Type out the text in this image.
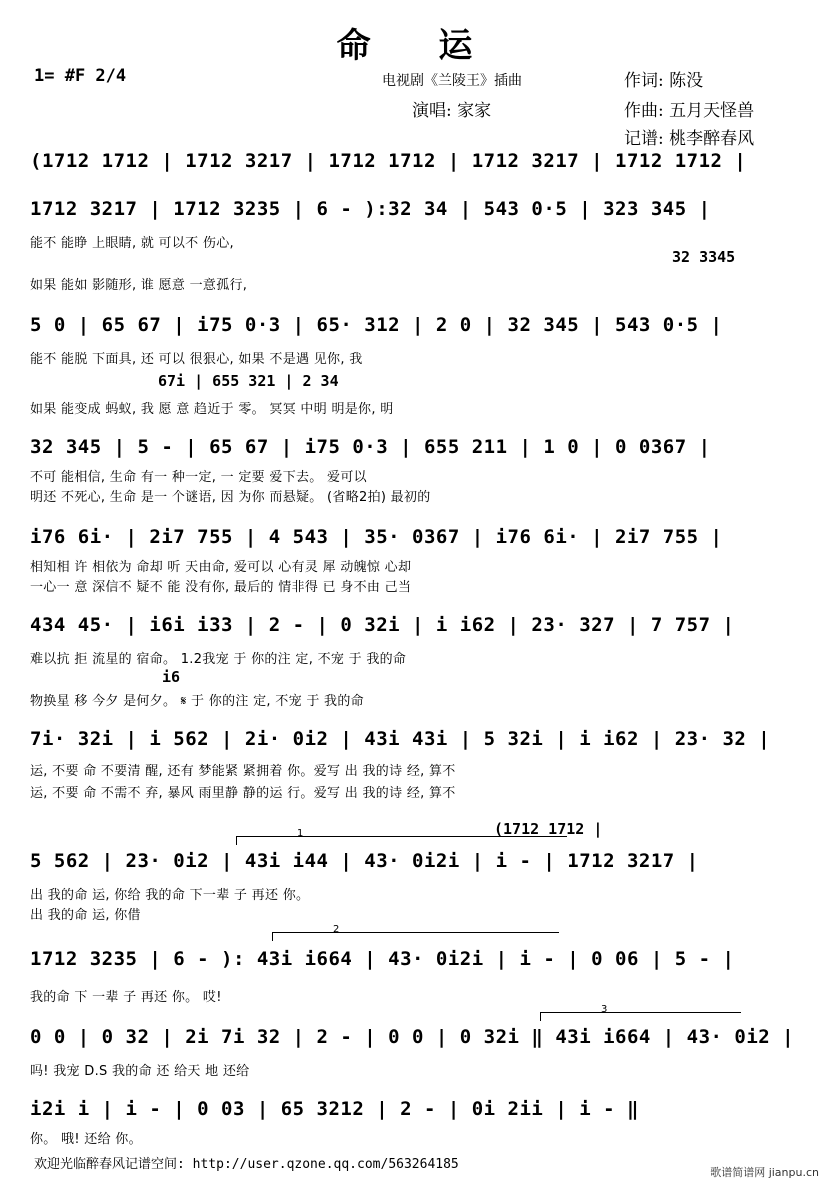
命 运
1= #F 2/4	电视剧《兰陵王》插曲
演唱: 家家
作词: 陈没
作曲: 五月天怪兽
记谱: 桃李醉春风
(1712 1712 | 1712 3217 | 1712 1712 | 1712 3217 | 1712 1712 |
1712 3217 | 1712 3235 | 6 - ):32 34 | 543 0·5 | 323 345 |
能不 能睁 上眼睛, 就 可以不 伤心,
32 3345
如果 能如 影随形, 谁 愿意 一意孤行,
5 0 | 65 67 | i75 0·3 | 65· 312 | 2 0 | 32 345 | 543 0·5 |
能不 能脱 下面具, 还 可以 很狠心, 如果 不是遇 见你, 我
67i | 655 321 | 2 34
如果 能变成 蚂蚁, 我 愿 意 趋近于 零。 冥冥 中明 明是你, 明
32 345 | 5 - | 65 67 | i75 0·3 | 655 211 | 1 0 | 0 0367 |
不可 能相信, 生命 有一 种一定, 一 定要 爱下去。 爱可以
明还 不死心, 生命 是一 个谜语, 因 为你 而悬疑。 (省略2拍) 最初的
i76 6i· | 2i7 755 | 4 543 | 35· 0367 | i76 6i· | 2i7 755 |
相知相 许 相依为 命却 听 天由命, 爱可以 心有灵 犀 动魄惊 心却
一心一 意 深信不 疑不 能 没有你, 最后的 情非得 已 身不由 己当
434 45· | i6i i33 | 2 - | 0 32i | i i62 | 23· 327 | 7 757 |
难以抗 拒 流星的 宿命。 1.2我宠 于 你的注 定, 不宠 于 我的命
i6
物换星 移 今夕 是何夕。 𝄋 于 你的注 定, 不宠 于 我的命
7i· 32i | i 562 | 2i· 0i2 | 43i 43i | 5 32i | i i62 | 23· 32 |
运, 不要 命 不要清 醒, 还有 梦能紧 紧拥着 你。爱写 出 我的诗 经, 算不
运, 不要 命 不需不 弃, 暴风 雨里静 静的运 行。爱写 出 我的诗 经, 算不
(1712 1712 |
1
5 562 | 23· 0i2 | 43i i44 | 43· 0i2i | i - | 1712 3217 |
出 我的命 运, 你给 我的命 下一辈 子 再还 你。
出 我的命 运, 你借
2
1712 3235 | 6 - ): 43i i664 | 43· 0i2i | i - | 0 06 | 5 - |
我的命 下 一辈 子 再还 你。 哎!
3
0 0 | 0 32 | 2i 7i 32 | 2 - | 0 0 | 0 32i ‖ 43i i664 | 43· 0i2 |
吗! 我宠 D.S 我的命 还 给天 地 还给
i2i i | i - | 0 03 | 65 3212 | 2 - | 0i 2ii | i - ‖
你。 哦! 还给 你。
欢迎光临醉春风记谱空间: http://user.qzone.qq.com/563264185
歌谱简谱网 jianpu.cn
